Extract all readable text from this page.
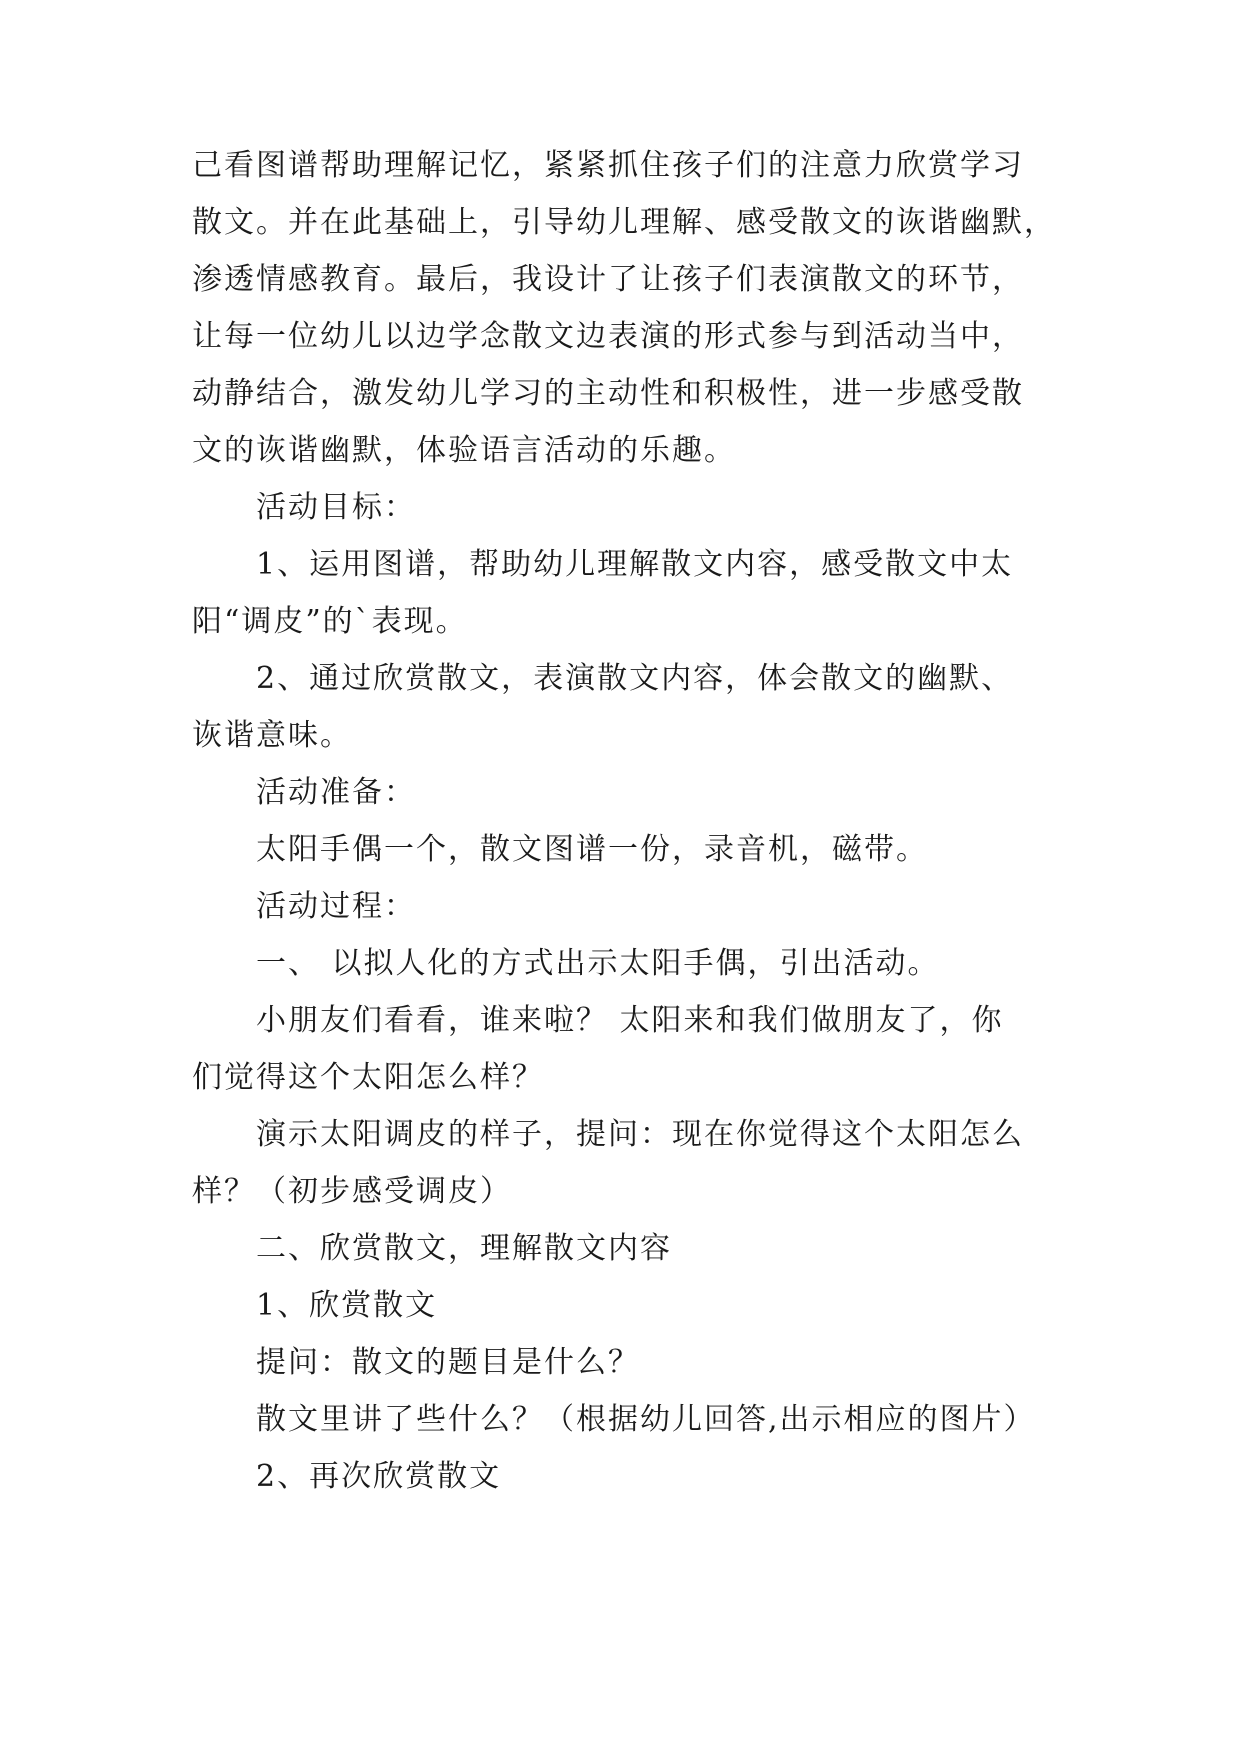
己看图谱帮助理解记忆，紧紧抓住孩子们的注意力欣赏学习
散文。并在此基础上，引导幼儿理解、感受散文的诙谐幽默，
渗透情感教育。最后，我设计了让孩子们表演散文的环节，
让每一位幼儿以边学念散文边表演的形式参与到活动当中，
动静结合，激发幼儿学习的主动性和积极性，进一步感受散
文的诙谐幽默，体验语言活动的乐趣。
活动目标：
1、运用图谱，帮助幼儿理解散文内容，感受散文中太
阳“调皮”的`表现。
2、通过欣赏散文，表演散文内容，体会散文的幽默、
诙谐意味。
活动准备：
太阳手偶一个，散文图谱一份，录音机，磁带。
活动过程：
一、 以拟人化的方式出示太阳手偶，引出活动。
小朋友们看看，谁来啦？ 太阳来和我们做朋友了，你
们觉得这个太阳怎么样？
演示太阳调皮的样子，提问：现在你觉得这个太阳怎么
样？（初步感受调皮）
二、欣赏散文，理解散文内容
1、欣赏散文
提问：散文的题目是什么？
散文里讲了些什么？（根据幼儿回答,出示相应的图片）
2、再次欣赏散文
